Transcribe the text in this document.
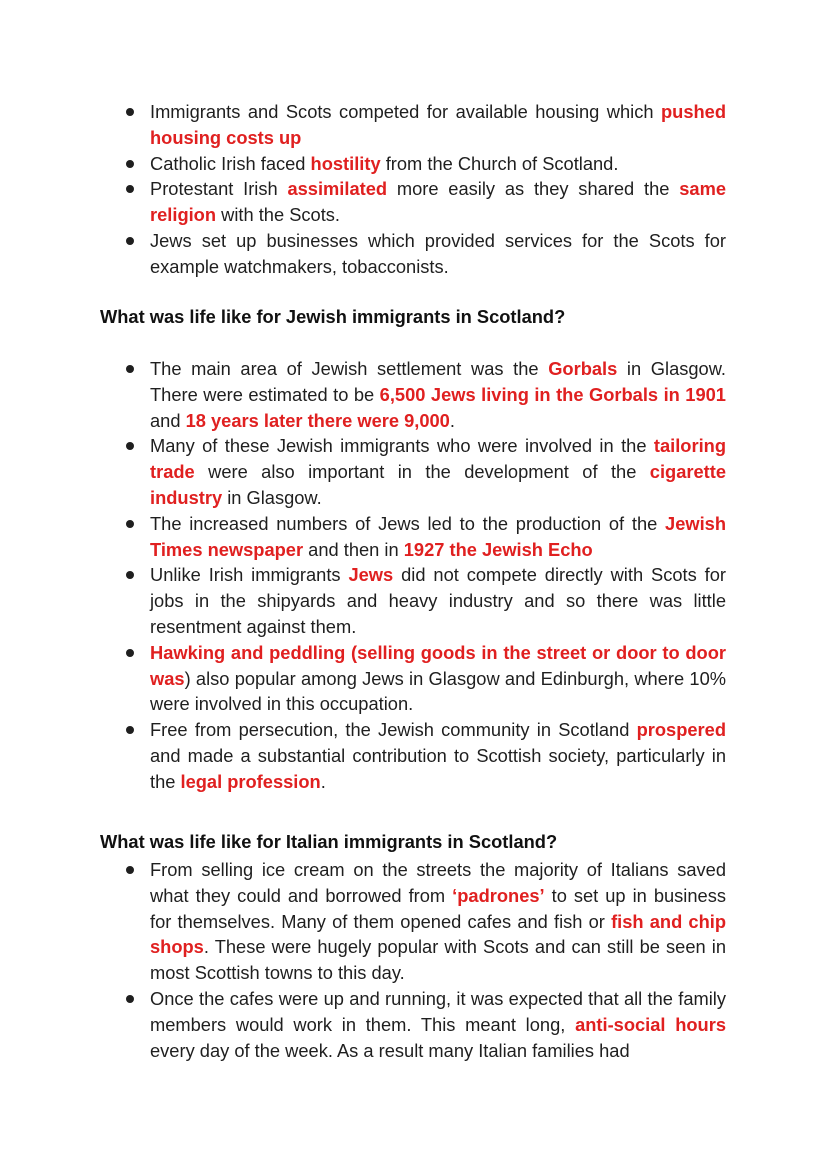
Immigrants and Scots competed for available housing which pushed housing costs up
Catholic Irish faced hostility from the Church of Scotland.
Protestant Irish assimilated more easily as they shared the same religion with the Scots.
Jews set up businesses which provided services for the Scots for example watchmakers, tobacconists.
What was life like for Jewish immigrants in Scotland?
The main area of Jewish settlement was the Gorbals in Glasgow. There were estimated to be 6,500 Jews living in the Gorbals in 1901 and 18 years later there were 9,000.
Many of these Jewish immigrants who were involved in the tailoring trade were also important in the development of the cigarette industry in Glasgow.
The increased numbers of Jews led to the production of the Jewish Times newspaper and then in 1927 the Jewish Echo
Unlike Irish immigrants Jews did not compete directly with Scots for jobs in the shipyards and heavy industry and so there was little resentment against them.
Hawking and peddling (selling goods in the street or door to door was) also popular among Jews in Glasgow and Edinburgh, where 10% were involved in this occupation.
Free from persecution, the Jewish community in Scotland prospered and made a substantial contribution to Scottish society, particularly in the legal profession.
What was life like for Italian immigrants in Scotland?
From selling ice cream on the streets the majority of Italians saved what they could and borrowed from ‘padrones’ to set up in business for themselves. Many of them opened cafes and fish or fish and chip shops. These were hugely popular with Scots and can still be seen in most Scottish towns to this day.
Once the cafes were up and running, it was expected that all the family members would work in them. This meant long, anti-social hours every day of the week. As a result many Italian families had
